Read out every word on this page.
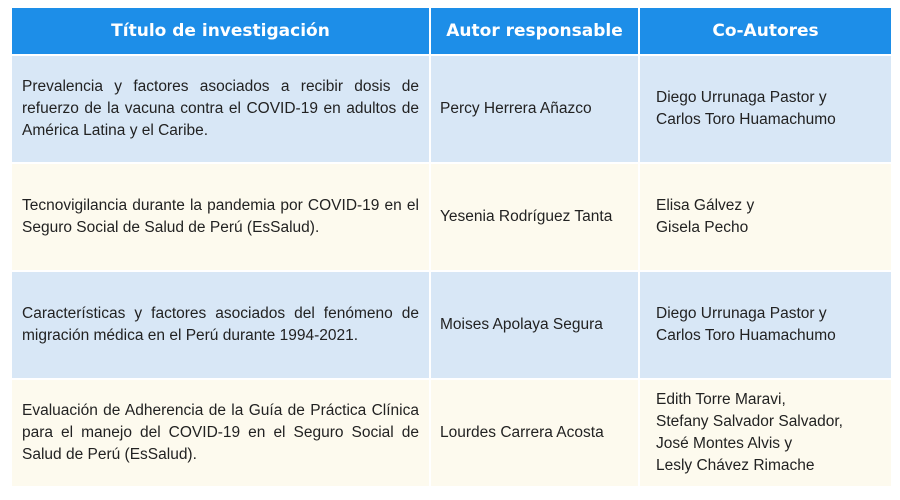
Título de investigación	Autor responsable	Co-Autores
Prevalencia y factores asociados a recibir dosis de refuerzo de la vacuna contra el COVID-19 en adultos de América Latina y el Caribe.	Percy Herrera Añazco	Diego Urrunaga Pastor y
Carlos Toro Huamachumo

Tecnovigilancia durante la pandemia por COVID-19 en el Seguro Social de Salud de Perú (EsSalud).	Yesenia Rodríguez Tanta	Elisa Gálvez y
Gisela Pecho

Características y factores asociados del fenómeno de migración médica en el Perú durante 1994-2021.	Moises Apolaya Segura	Diego Urrunaga Pastor y
Carlos Toro Huamachumo

Evaluación de Adherencia de la Guía de Práctica Clínica para el manejo del COVID-19 en el Seguro Social de Salud de Perú (EsSalud).	Lourdes Carrera Acosta	Edith Torre Maravi,
Stefany Salvador Salvador,
José Montes Alvis y
Lesly Chávez Rimache
